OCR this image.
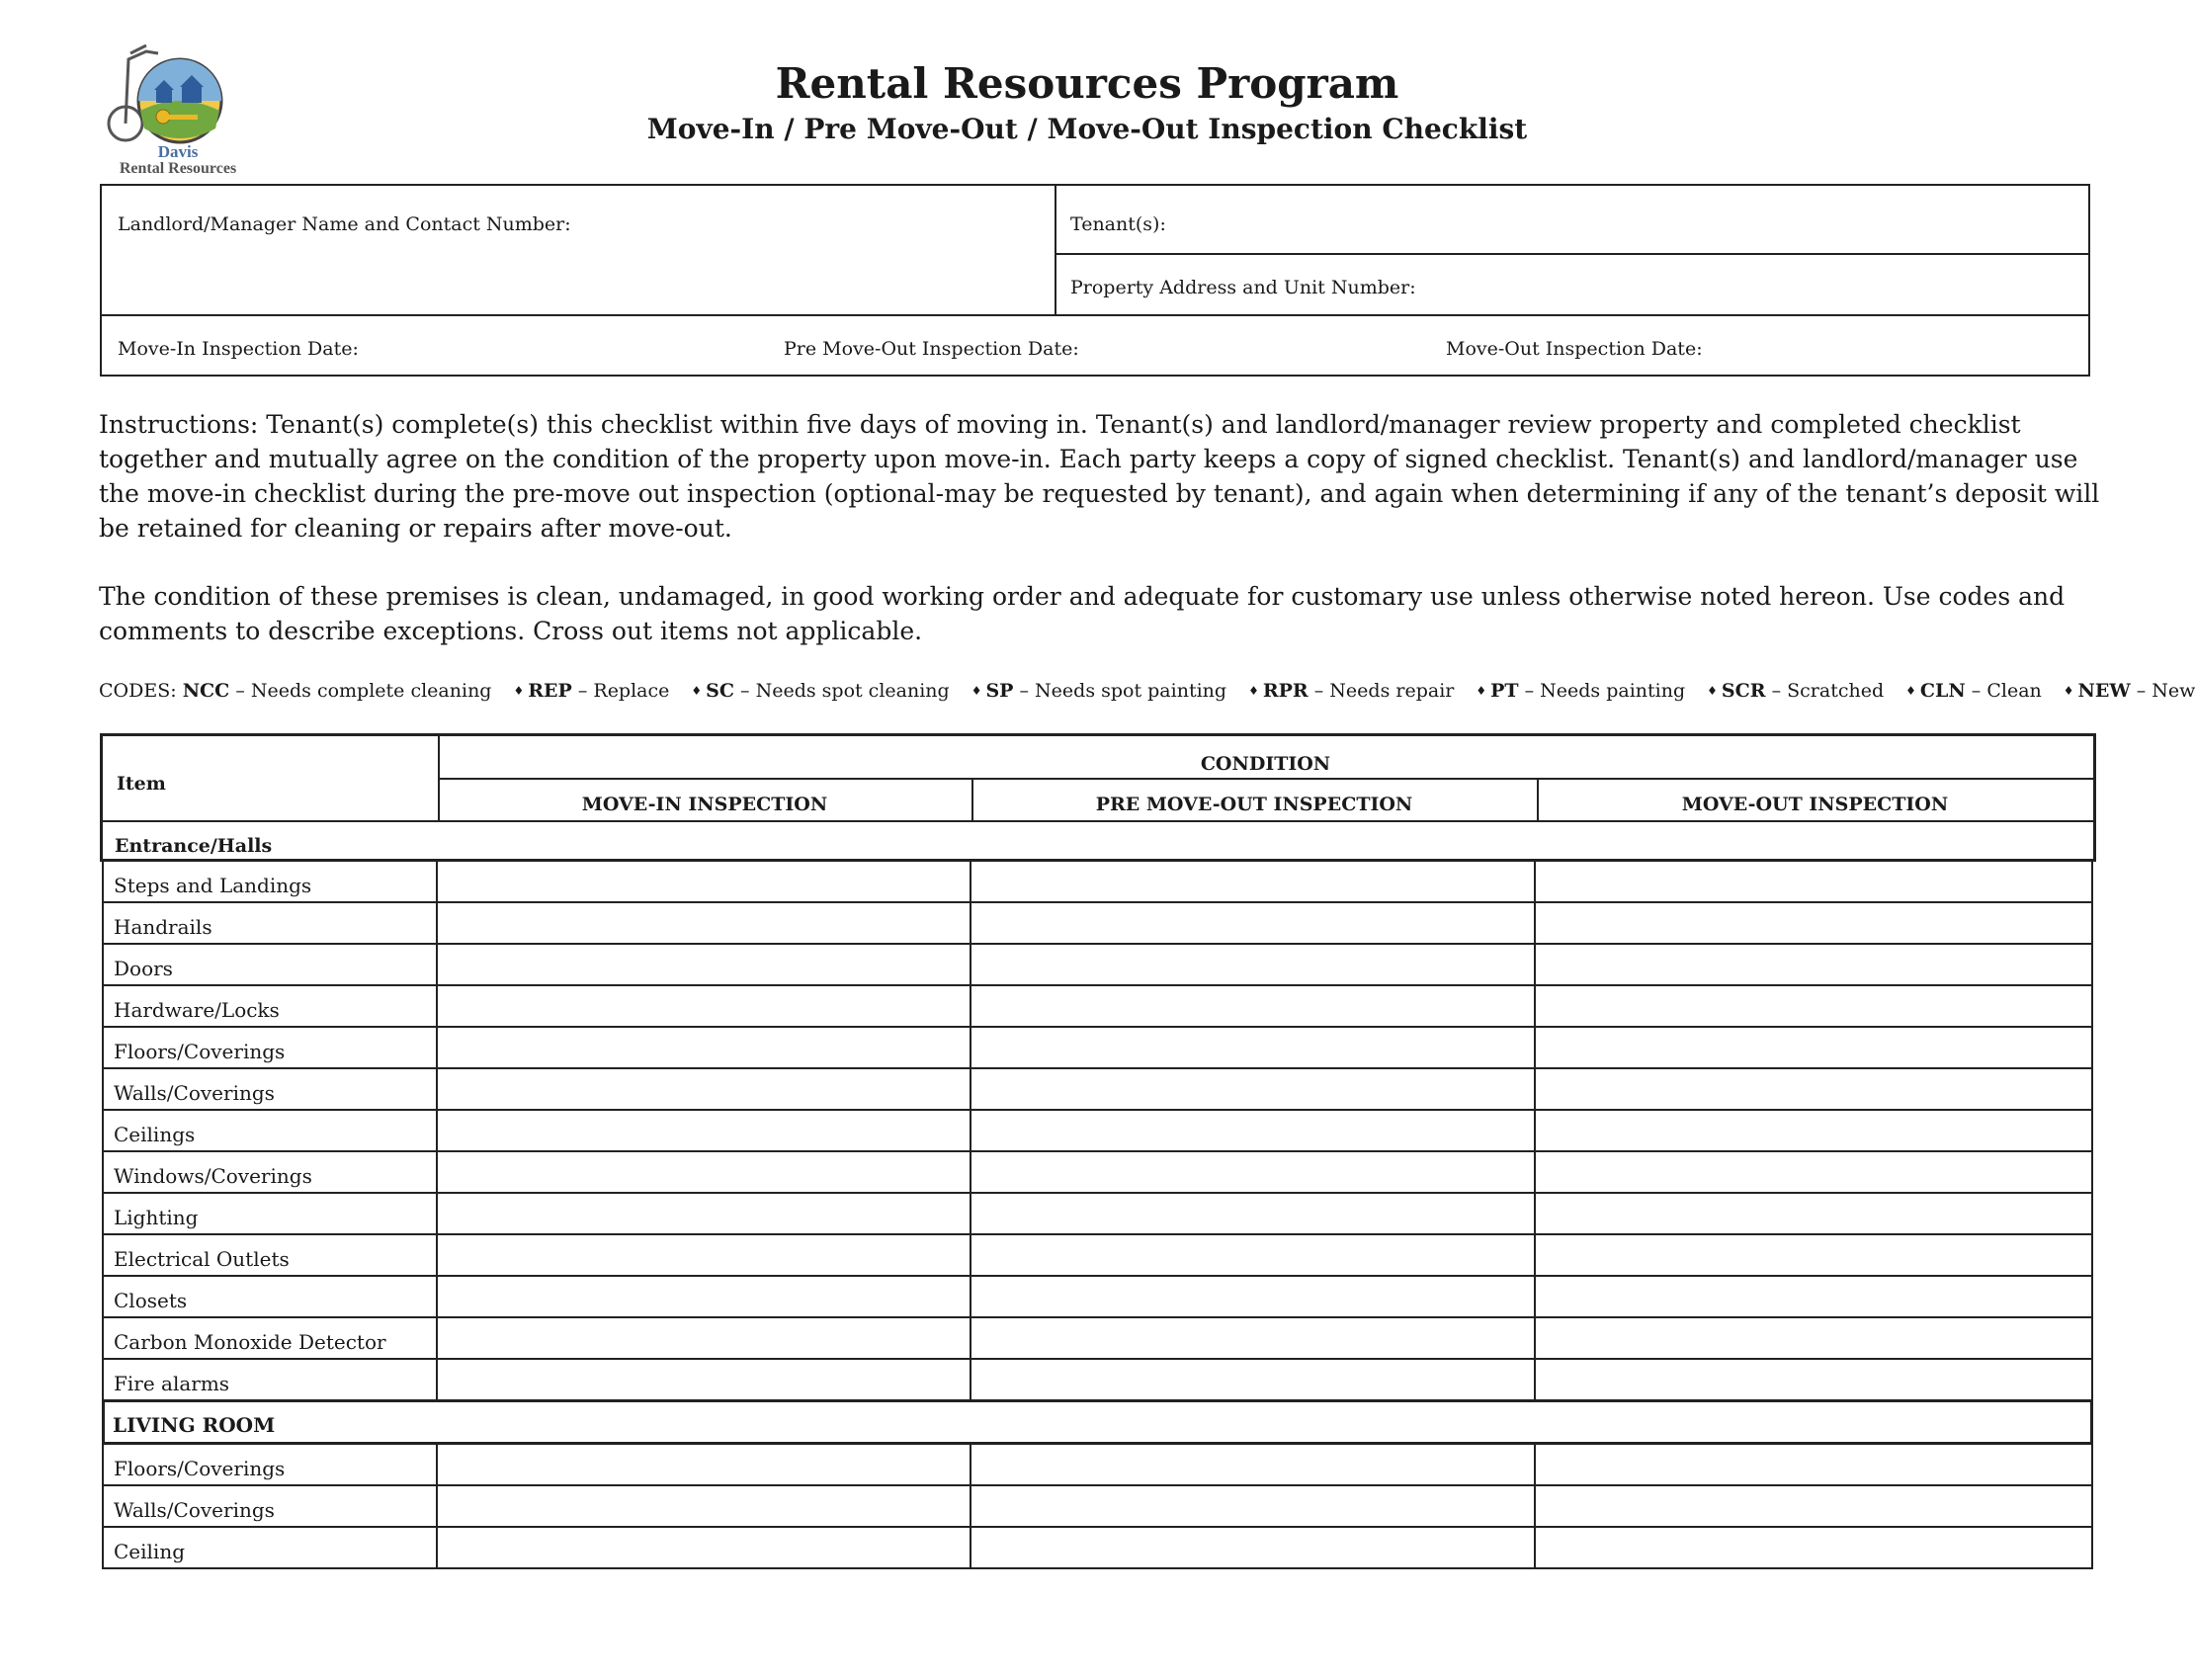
Davis
Rental Resources
Rental Resources Program
Move-In / Pre Move-Out / Move-Out Inspection Checklist
Landlord/Manager Name and Contact Number:	Tenant(s):
Property Address and Unit Number:
Move-In Inspection Date:	Pre Move-Out Inspection Date:	Move-Out Inspection Date:
Instructions: Tenant(s) complete(s) this checklist within five days of moving in. Tenant(s) and landlord/manager review property and completed checklist together and mutually agree on the condition of the property upon move-in. Each party keeps a copy of signed checklist. Tenant(s) and landlord/manager use the move-in checklist during the pre-move out inspection (optional-may be requested by tenant), and again when determining if any of the tenant’s deposit will be retained for cleaning or repairs after move-out.
The condition of these premises is clean, undamaged, in good working order and adequate for customary use unless otherwise noted hereon. Use codes and comments to describe exceptions. Cross out items not applicable.
CODES: NCC – Needs complete cleaning ♦ REP – Replace ♦ SC – Needs spot cleaning ♦ SP – Needs spot painting ♦ RPR – Needs repair ♦ PT – Needs painting ♦ SCR – Scratched ♦ CLN – Clean ♦ NEW – New
Item
CONDITION
MOVE-IN INSPECTION	PRE MOVE-OUT INSPECTION	MOVE-OUT INSPECTION
Entrance/Halls
Steps and Landings
Handrails
Doors
Hardware/Locks
Floors/Coverings
Walls/Coverings
Ceilings
Windows/Coverings
Lighting
Electrical Outlets
Closets
Carbon Monoxide Detector
Fire alarms
LIVING ROOM
Floors/Coverings
Walls/Coverings
Ceiling
